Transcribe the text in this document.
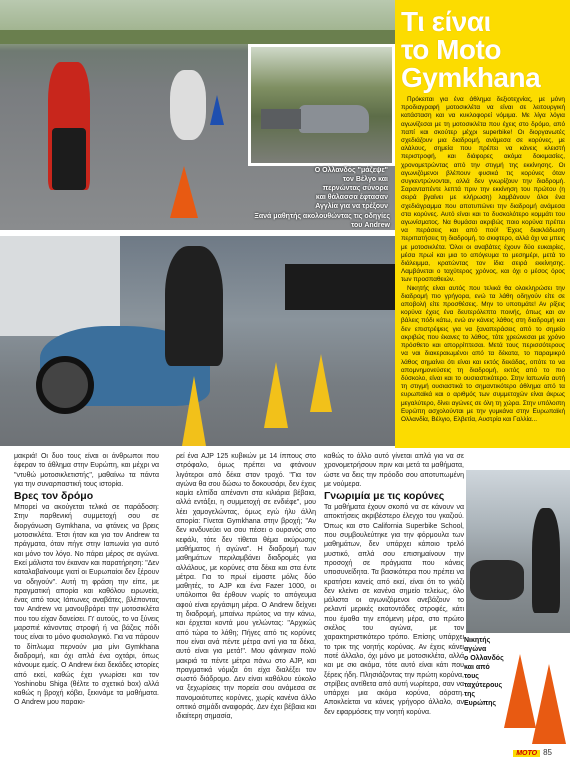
Ο Ολλανδός "μάζεψε"
τον Βέλγο και
περνώντας σύνορα
και θάλασσα έφτασαν
Αγγλία για να τρέξουν
Ξανά μαθητής ακολουθώντας τις οδηγίες
του Andrew
Τι είναι
το Moto
Gymkhana

Πρόκειται για ένα άθλημα δεξιοτεχνίας, με μόνη προδιαγραφή μοτοσικλέτα να είναι σε λειτουργική κατάσταση και να κυκλοφορεί νόμιμα. Με λίγα λόγια αγωνίζεσαι με τη μοτοσικλέτα που έχεις στο δρόμο, από παπί και σκούτερ μέχρι superbike! Οι διοργανωτές σχεδιάζουν μια διαδρομή, ανάμεσα σε κορύνες, με αλάλους, σημεία που πρέπει να κάνεις κλειστή περιστροφή, και διάφορες ακόμα δοκιμασίες, χρονομετρώντας από την στιγμή της εκκίνησης. Οι αγωνιζόμενοι βλέπουν φυσικά τις κορύνες όταν συγκεντρώνονται, αλλά δεν γνωρίζουν την διαδρομή. Σαρανταπέντε λεπτά πριν την εκκίνηση του πρώτου (η σειρά βγαίνει με κλήρωση) λαμβάνουν όλοι ένα σχεδιάγραμμα που αποτυπώνει την διαδρομή ανάμεσα στα κορύνες. Αυτό είναι και το δυσκολότερο κομμάτι του αγωνίσματος. Να θυμάσαι ακριβώς ποιο κορύνα πρέπει να περάσεις και από πού! Έχεις διακλάδωση περιπατήσεις τη διαδρομή, το σκιφτερο, αλλά όχι να μπεις με μοτοσικλέτα. Όλοι οι αναβάτες έχουν δύο ευκαιρίες, μέσα πρωί και μια το απόγευμα το μεσημέρι, μετά το διάλειμμα, κρατώντας τον ίδια σειρά εκκίνησης. Λαμβάνεται ο ταχύτερος χρόνος, και όχι ο μέσος όρος των προσπαθειών.

Νικητής είναι αυτός που τελικά θα ολοκληρώσει την διαδρομή πιο γρήγορα, ενώ τα λάθη οδηγούν είτε σε αποβολή είτε προσθέσεις. Μην το υποτιμάτε! Αν ρίξεις κορύνα έχεις ένα δευτερόλεπτο ποινής, όπως και αν βάλεις πόδι κάτω, ενώ αν κάνεις λάθος στη διαδρομή και δεν επιστρέψεις για να ξαναπεράσεις από το σημείο ακριβώς που έκανες το λάθος, τότε χρεώνεσαι με χρόνο πρόσθετο και απορρίπτεσαι. Μετά τους περισσότερους να ναι διακεραιωμένοι από τα δέκατα, το παραμικρό λάθος σημαίνει ότι είναι και εκτός δεκάδας, οπότε το να απομνημονεύσεις τη διαδρομή, εκτός από το πιο δύσκολο, είναι και το ουσιαστικότερο. Στην Ιαπωνία αυτή τη στιγμή ουσιαστικά το σημαντικότερο άθλημα από τα ευρωπαϊκά και ο αριθμός των συμμετοχών είναι άκρως μεγαλύτερο, δίνει αγώνες σε όλη τη χώρα. Στην υπόλοιπη Ευρώπη ασχολούνται με την γυμκάνα στην Ευρωπαϊκή Ολλανδία, Βέλγιο, Ελβετία, Αυστρία και Γαλλία...

μακριά! Οι δυο τους είναι οι άνθρωποι που έφεραν το άθλημα στην Ευρώπη, και μέχρι να "ντυθώ μοτοσικλετιστής", μαθαίνω τα πάντα για την συναρπαστική τους ιστορία.

Βρες τον δρόμο

Μπορεί να ακούγεται τελικά σε παράδοση: Στην παρθενική συμμετοχή σου σε διοργάνωση Gymkhana, να φτάνεις να βρεις μοτοσικλέτα. Έτσι ήταν και για τον Andrew τα πράγματα, όταν πήγε στην Ιαπωνία για αυτό και μόνο τον λόγο. Νο πάρει μέρος σε αγώνα. Εκεί μάλιστα τον έκαναν και παρατήρηση: "Δεν καταλαβαίνουμε γιατί οι Ευρωπαίοι δεν ξέρουν να οδηγούν". Αυτή τη φράση την είπε, με πραγματική απορία και καθόλου ειρωνεία, ένας από τους Ιάπωνες αναβάτες, βλέποντας τον Andrew να μανουβράρει την μοτοσικλέτα που του είχαν δανείσει. Γι' αυτούς, το να ξύνεις μαρσπιέ κάνοντας στροφή ή να βάζεις πόδι τους είναι το μόνο φυσιολογικό. Για να πάρουν το δίπλωμα περνούν μια μίνι Gymkhana διαδρομή, και όχι απλά ένα οχτάρι, όπως κάνουμε εμείς. Ο Andrew έκει δεκάδες ιστορίες από εκεί, καθώς έχει γνωρίσει και τον Yoshinobu Shiga (θέλτε το σχετικό box) αλλά καθώς η βροχή κόβει, ξεκινάμε τα μαθήματα. Ο Andrew μου παρακι-

ρεί ένα AJP 125 κυβικών με 14 ίππους στο στρόφαλο, όμως πρέπει να φτάνουν λιγότεροι από δέκα στον τροχό. "Για τον αγώνα θα σου δώσω το δοκουσάρι, δεν έχεις καμία ελπίδα απέναντι στα κιλιάρια βέβαια, αλλά εντάξει, η συμμετοχή σε ενδιέφε", μου λέει χαμογελώντας, όμως εγώ ήλυ άλλη απορία: Γίνεται Gymkhana στην βροχή; "Αν δεν κινδυνεύει να σου πέσει ο ουρανός στο κεφάλι, τότε δεν τίθεται θέμα ακύρωσης μαθήματος ή αγώνα". Η διαδρομή των μαθημάτων περιλαμβάνει διαδρομές για αλλάλους, με κορύνες στα δέκα και στα έντε μέτρα. Για το πρωί είμαστε μόλις δύο μαθητές, το AJP και ένα Fazer 1000, οι υπόλοιποι θα έρθουν νωρίς το απόγευμα αφού είναι εργάσιμη μέρα. Ο Andrew δείχνει τη διαδρομή, μπαίνω πρώτος να την κάνω, και έρχεται κοντά μου γελώντας: "Αρχικώς από τώρα το λάθη; Πήγες από τις κορύνες που είναι ανά πέντε μέτρα αντί για τα δέκα, αυτό είναι για μετά!". Μου φάνηκαν πολύ μακριά τα πέντε μέτρα πάνω στο AJP, και πραγματικά νόμιζα ότι είχα διαλέξει τον σωστό διάδρομο. Δεν είναι καθόλου εύκολο να ξεχωρίσεις την πορεία σου ανάμεσα σε πανομοιότυπες κορύνες, χωρίς κανένα άλλο οπτικό σημάδι αναφοράς. Δεν έχει βέβαια και ιδιαίτερη σημασία,

καθώς το άλλο αυτό γίνεται απλά για να σε χρονομετρήσουν πριν και μετά τα μαθήματα, ώστε να δεις την πρόοδο σου αποτυπωμένη με νούμερα.

Γνωριμία με τις κορύνες

Τα μαθήματα έχουν σκοπό να σε κάνουν να αποκτήσεις ακριβέστερο έλεγχο του γκαζιού. Όπως και στο California Superbike School, που συμβουλεύτηκε για την φόρμουλα των μαθημάτων, δεν υπάρχει κάποιο τρελό μυστικό, απλά σου επισημαίνουν την προσοχή σε πράγματα που κάνεις υποσυνείδητα. Τα βασικότερα που πρέπει να κρατήσει κανείς από εκεί, είναι ότι το γκάζι δεν κλείνει σε κανένα σημείο τελείως, όλο μάλιστα οι αγωνιζόμενοι ανεβάζουν το ρελαντί μερικές εκατοντάδες στροφές, κάτι που έμαθα την επόμενη μέρα, στο πρώτο σκέλος του αγώνα, με τον χαρακτηριστικότερο τρόπο. Επίσης υπάρχει το τρικ της νοητής κορύνας. Αν έχεις κάνει ποτέ άλλαλο, όχι μόνο με μοτοσικλέτα, αλλά και με σκι ακόμα, τότε αυτό είναι κάτι που ξέρεις ήδη. Πλησιάζοντας την πρώτη κορύνα, στρίβεις αντίθετα από αυτή νωρίτερα, σαν να υπάρχει μια ακόμα κορύνα, αόρατη. Αποκλείεται να κάνεις γρήγορο άλλαλο, αν δεν εφαρμόσεις την νοητή κορύνα.

Νικητής αγώνα
ο Ολλανδός
και από τους
ταχύτερους
της Ευρώπης
MOTO 85
